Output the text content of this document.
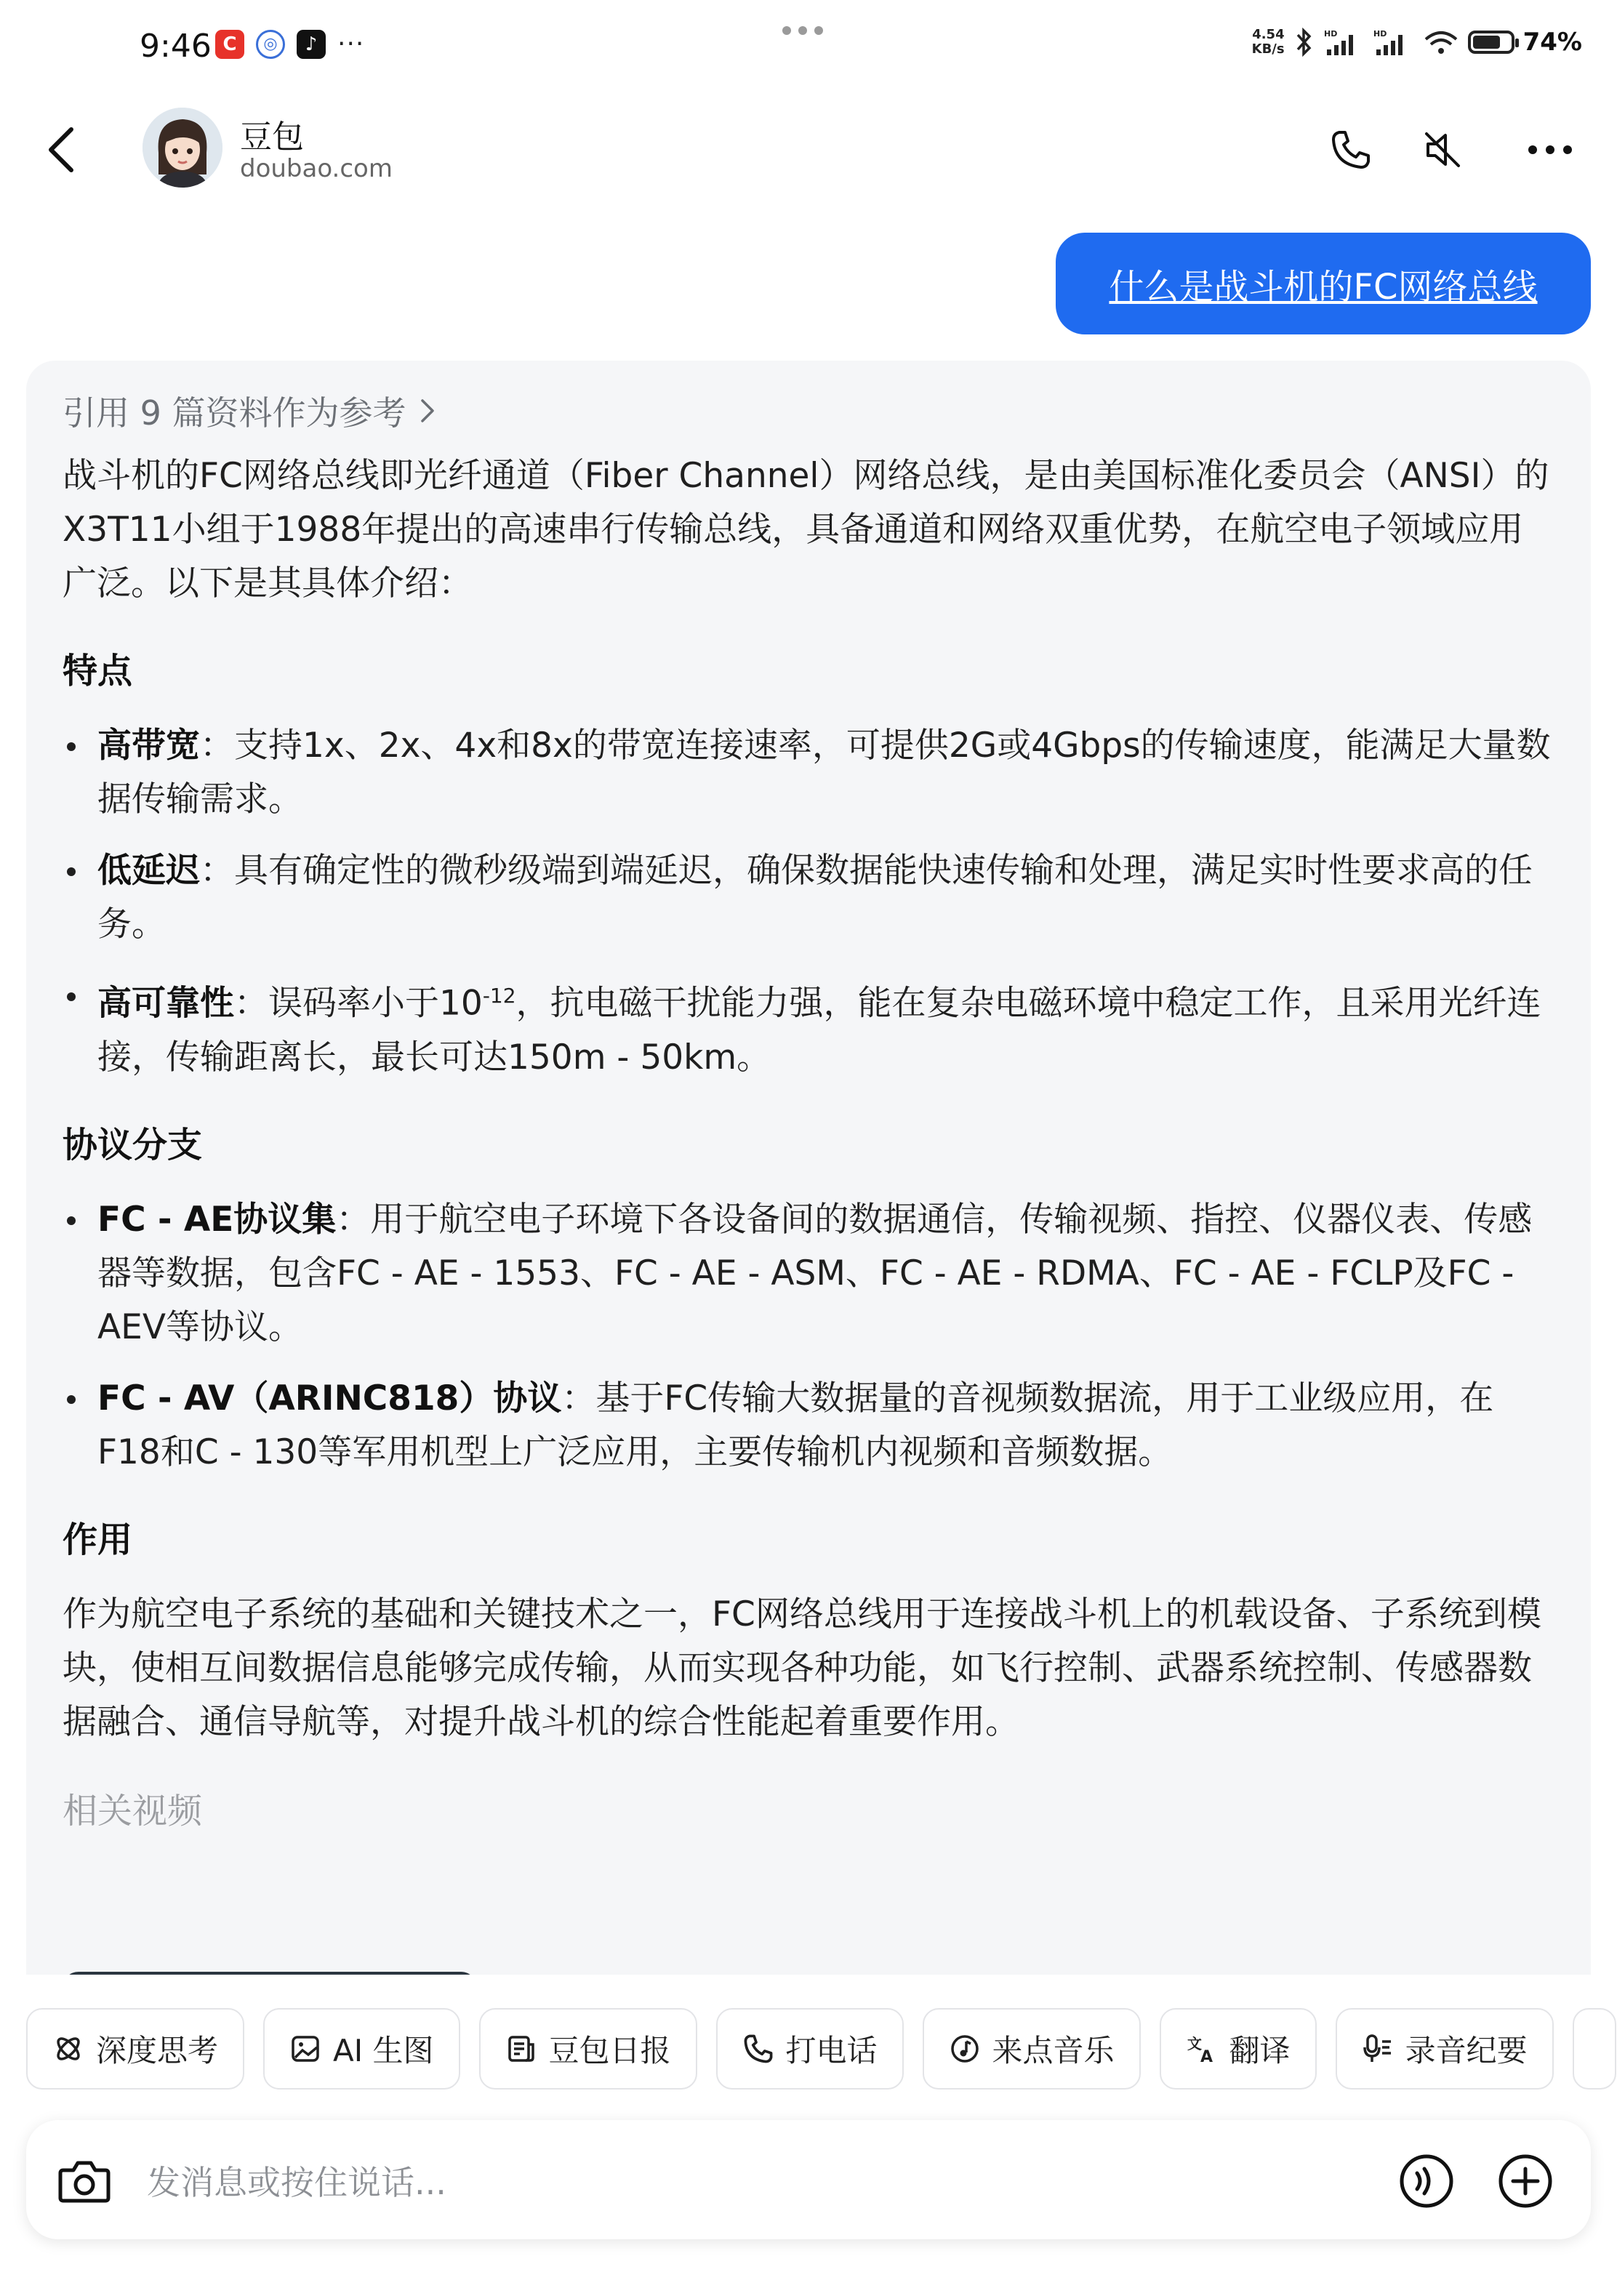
9:46 C	◎	♪ ···	4.54
KB/s
HD	HD	74%
豆包
doubao.com
什么是战斗机的FC网络总线
引用 9 篇资料作为参考

战斗机的FC网络总线即光纤通道（Fiber Channel）网络总线，是由美国标准化委员会（ANSI）的X3T11小组于1988年提出的高速串行传输总线，具备通道和网络双重优势，在航空电子领域应用广泛。以下是其具体介绍：

特点

高带宽：支持1x、2x、4x和8x的带宽连接速率，可提供2G或4Gbps的传输速度，能满足大量数据传输需求。
低延迟：具有确定性的微秒级端到端延迟，确保数据能快速传输和处理，满足实时性要求高的任务。
高可靠性：误码率小于$10^{-12}$，抗电磁干扰能力强，能在复杂电磁环境中稳定工作，且采用光纤连接，传输距离长，最长可达150m - 50km。

协议分支

FC - AE协议集：用于航空电子环境下各设备间的数据通信，传输视频、指控、仪器仪表、传感器等数据，包含FC - AE - 1553、FC - AE - ASM、FC - AE - RDMA、FC - AE - FCLP及FC - AEV等协议。
FC - AV（ARINC818）协议：基于FC传输大数据量的音视频数据流，用于工业级应用，在F18和C - 130等军用机型上广泛应用，主要传输机内视频和音频数据。

作用

作为航空电子系统的基础和关键技术之一，FC网络总线用于连接战斗机上的机载设备、子系统到模块，使相互间数据信息能够完成传输，从而实现各种功能，如飞行控制、武器系统控制、传感器数据融合、通信导航等，对提升战斗机的综合性能起着重要作用。

相关视频
深度思考	AI 生图	豆包日报	打电话	来点音乐	文
A 翻译	录音纪要
发消息或按住说话...
